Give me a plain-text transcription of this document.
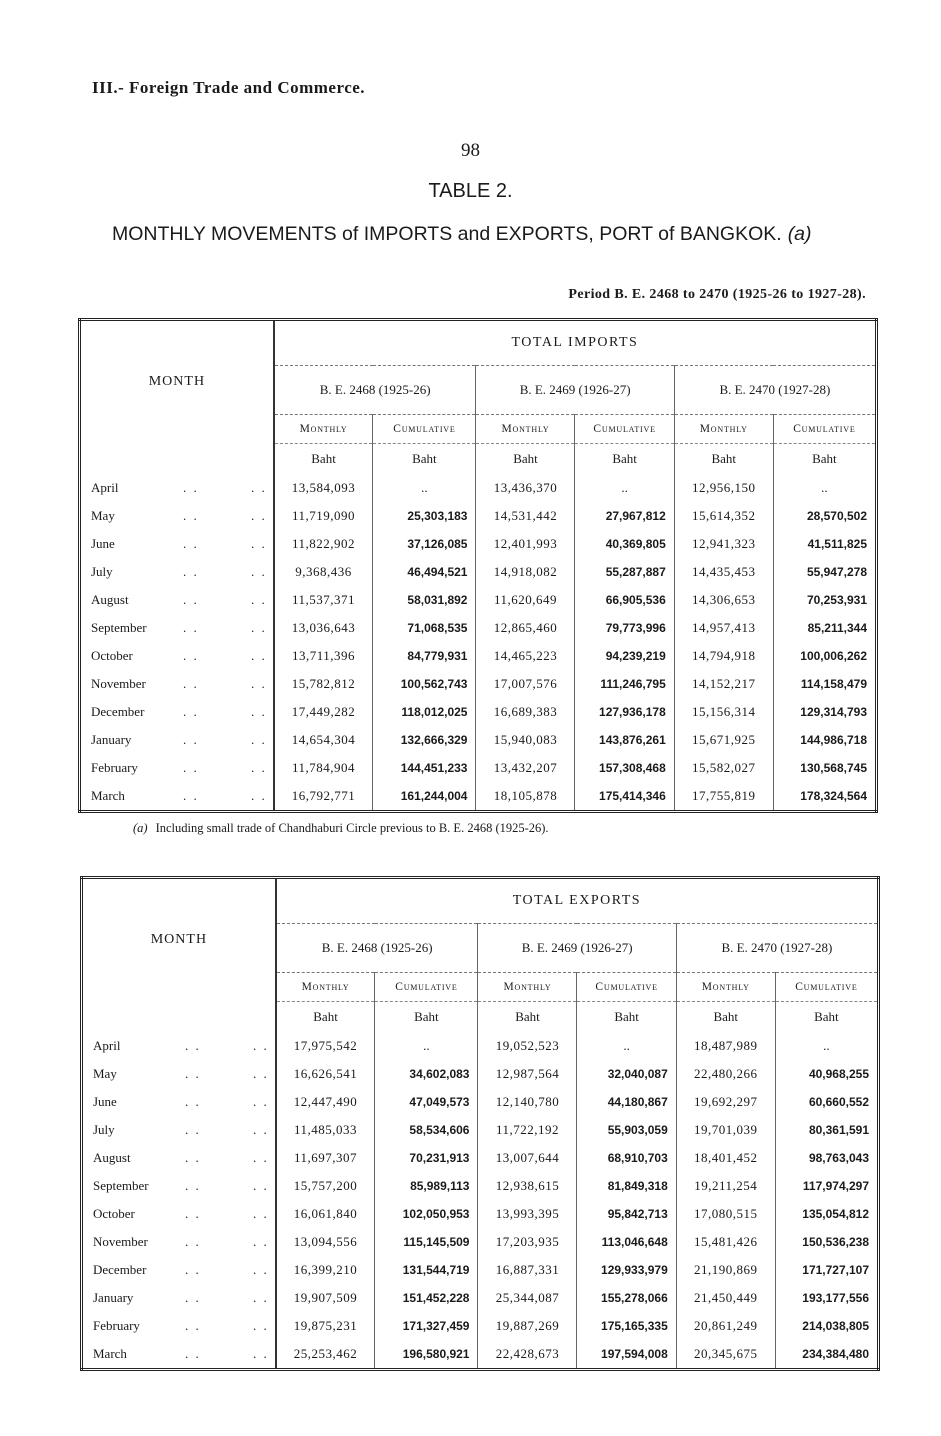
III.- Foreign Trade and Commerce.
98
TABLE 2.
MONTHLY MOVEMENTS of IMPORTS and EXPORTS, PORT of BANGKOK. (a)
Period B. E. 2468 to 2470 (1925-26 to 1927-28).
MONTH	TOTAL IMPORTS					
	B. E. 2468 (1925-26)		B. E. 2469 (1926-27)		B. E. 2470 (1927-28)	
	Monthly	Cumulative	Monthly	Cumulative	Monthly	Cumulative
	Baht	Baht	Baht	Baht	Baht	Baht
April . . . .	13,584,093	..	13,436,370	..	12,956,150	..
May . . . .	11,719,090	25,303,183	14,531,442	27,967,812	15,614,352	28,570,502
June . . . .	11,822,902	37,126,085	12,401,993	40,369,805	12,941,323	41,511,825
July . . . .	9,368,436	46,494,521	14,918,082	55,287,887	14,435,453	55,947,278
August . . . .	11,537,371	58,031,892	11,620,649	66,905,536	14,306,653	70,253,931
September . . . .	13,036,643	71,068,535	12,865,460	79,773,996	14,957,413	85,211,344
October . . . .	13,711,396	84,779,931	14,465,223	94,239,219	14,794,918	100,006,262
November . . . .	15,782,812	100,562,743	17,007,576	111,246,795	14,152,217	114,158,479
December . . . .	17,449,282	118,012,025	16,689,383	127,936,178	15,156,314	129,314,793
January . . . .	14,654,304	132,666,329	15,940,083	143,876,261	15,671,925	144,986,718
February . . . .	11,784,904	144,451,233	13,432,207	157,308,468	15,582,027	130,568,745
March . . . .	16,792,771	161,244,004	18,105,878	175,414,346	17,755,819	178,324,564
(a) Including small trade of Chandhaburi Circle previous to B. E. 2468 (1925-26).
MONTH	TOTAL EXPORTS					
	B. E. 2468 (1925-26)		B. E. 2469 (1926-27)		B. E. 2470 (1927-28)	
	Monthly	Cumulative	Monthly	Cumulative	Monthly	Cumulative
	Baht	Baht	Baht	Baht	Baht	Baht
April . . . .	17,975,542	..	19,052,523	..	18,487,989	..
May . . . .	16,626,541	34,602,083	12,987,564	32,040,087	22,480,266	40,968,255
June . . . .	12,447,490	47,049,573	12,140,780	44,180,867	19,692,297	60,660,552
July . . . .	11,485,033	58,534,606	11,722,192	55,903,059	19,701,039	80,361,591
August . . . .	11,697,307	70,231,913	13,007,644	68,910,703	18,401,452	98,763,043
September . . . .	15,757,200	85,989,113	12,938,615	81,849,318	19,211,254	117,974,297
October . . . .	16,061,840	102,050,953	13,993,395	95,842,713	17,080,515	135,054,812
November . . . .	13,094,556	115,145,509	17,203,935	113,046,648	15,481,426	150,536,238
December . . . .	16,399,210	131,544,719	16,887,331	129,933,979	21,190,869	171,727,107
January . . . .	19,907,509	151,452,228	25,344,087	155,278,066	21,450,449	193,177,556
February . . . .	19,875,231	171,327,459	19,887,269	175,165,335	20,861,249	214,038,805
March . . . .	25,253,462	196,580,921	22,428,673	197,594,008	20,345,675	234,384,480
